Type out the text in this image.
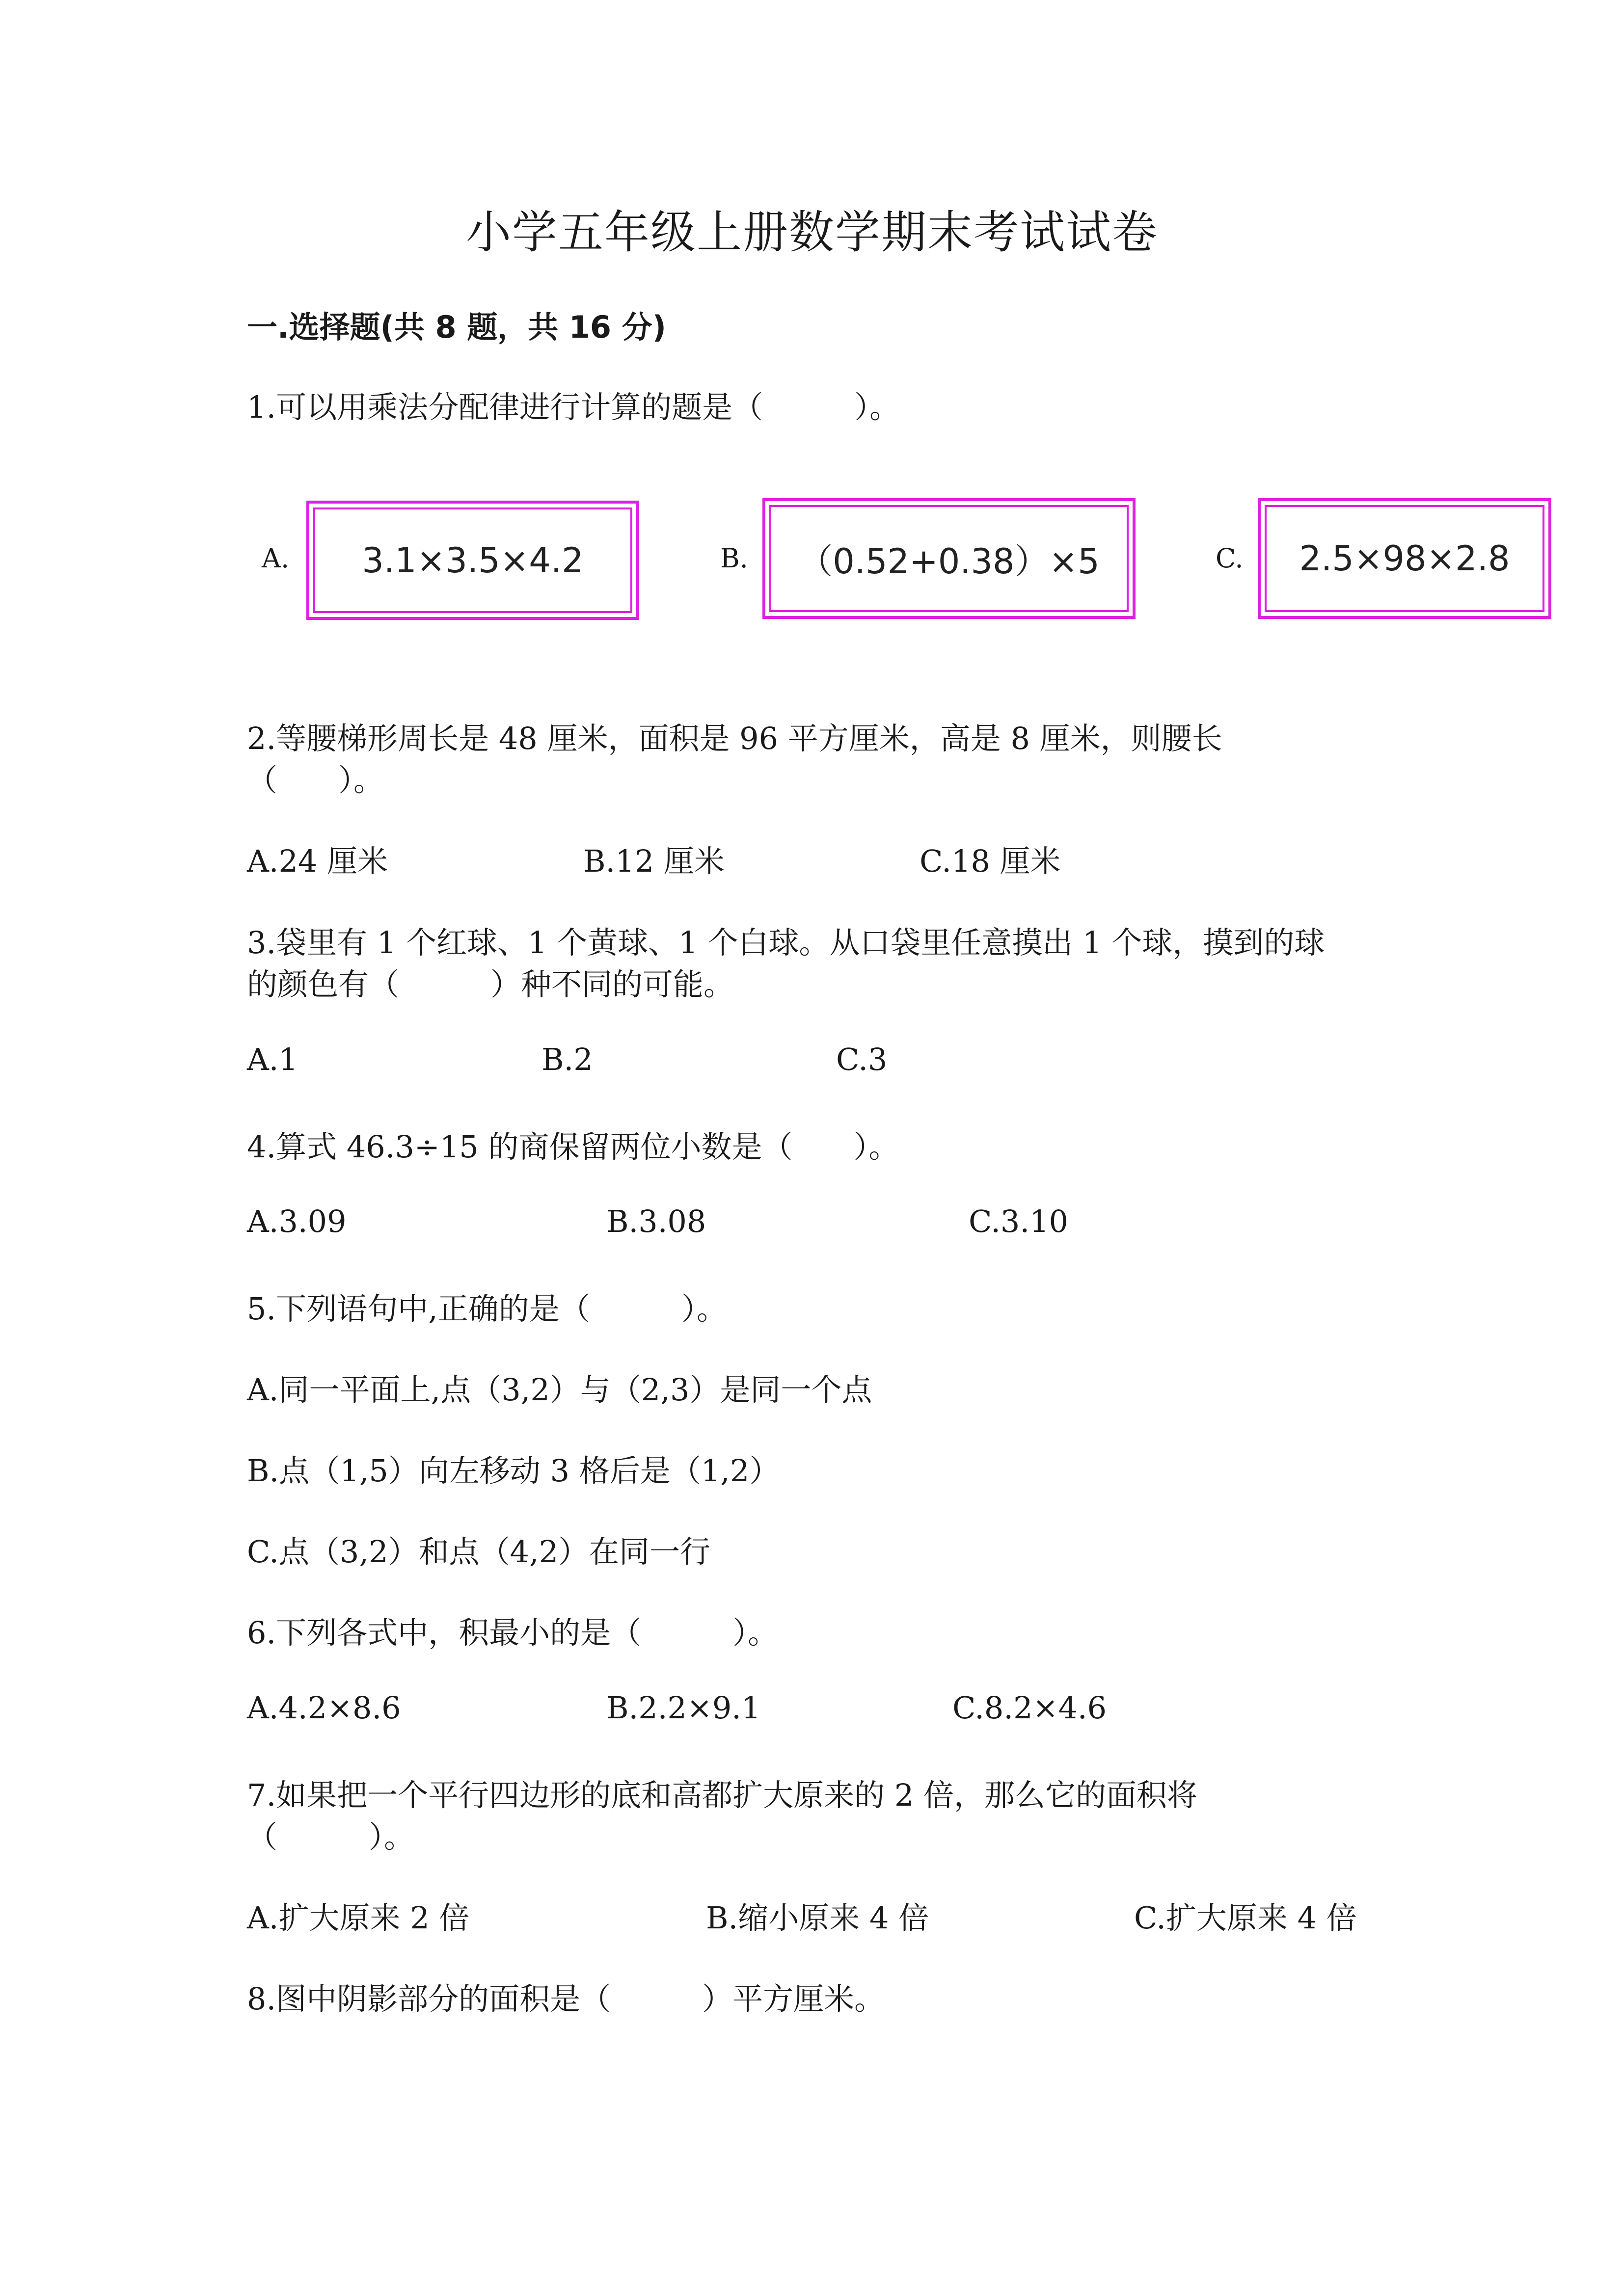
小学五年级上册数学期末考试试卷
一.选择题(共 8 题，共 16 分)
1.可以用乘法分配律进行计算的题是（　　　）。
A.	3.1×3.5×4.2	B.	（0.52+0.38）×5	C.	2.5×98×2.8
2.等腰梯形周长是 48 厘米，面积是 96 平方厘米，高是 8 厘米，则腰长
（　　）。
A.24 厘米	B.12 厘米	C.18 厘米
3.袋里有 1 个红球、1 个黄球、1 个白球。从口袋里任意摸出 1 个球，摸到的球
的颜色有（　　　）种不同的可能。
A.1	B.2	C.3
4.算式 46.3÷15 的商保留两位小数是（　　）。
A.3.09	B.3.08	C.3.10
5.下列语句中,正确的是（　　　）。
A.同一平面上,点（3,2）与（2,3）是同一个点
B.点（1,5）向左移动 3 格后是（1,2）
C.点（3,2）和点（4,2）在同一行
6.下列各式中，积最小的是（　　　）。
A.4.2×8.6	B.2.2×9.1	C.8.2×4.6
7.如果把一个平行四边形的底和高都扩大原来的 2 倍，那么它的面积将
（　　　）。
A.扩大原来 2 倍	B.缩小原来 4 倍	C.扩大原来 4 倍
8.图中阴影部分的面积是（　　　）平方厘米。
